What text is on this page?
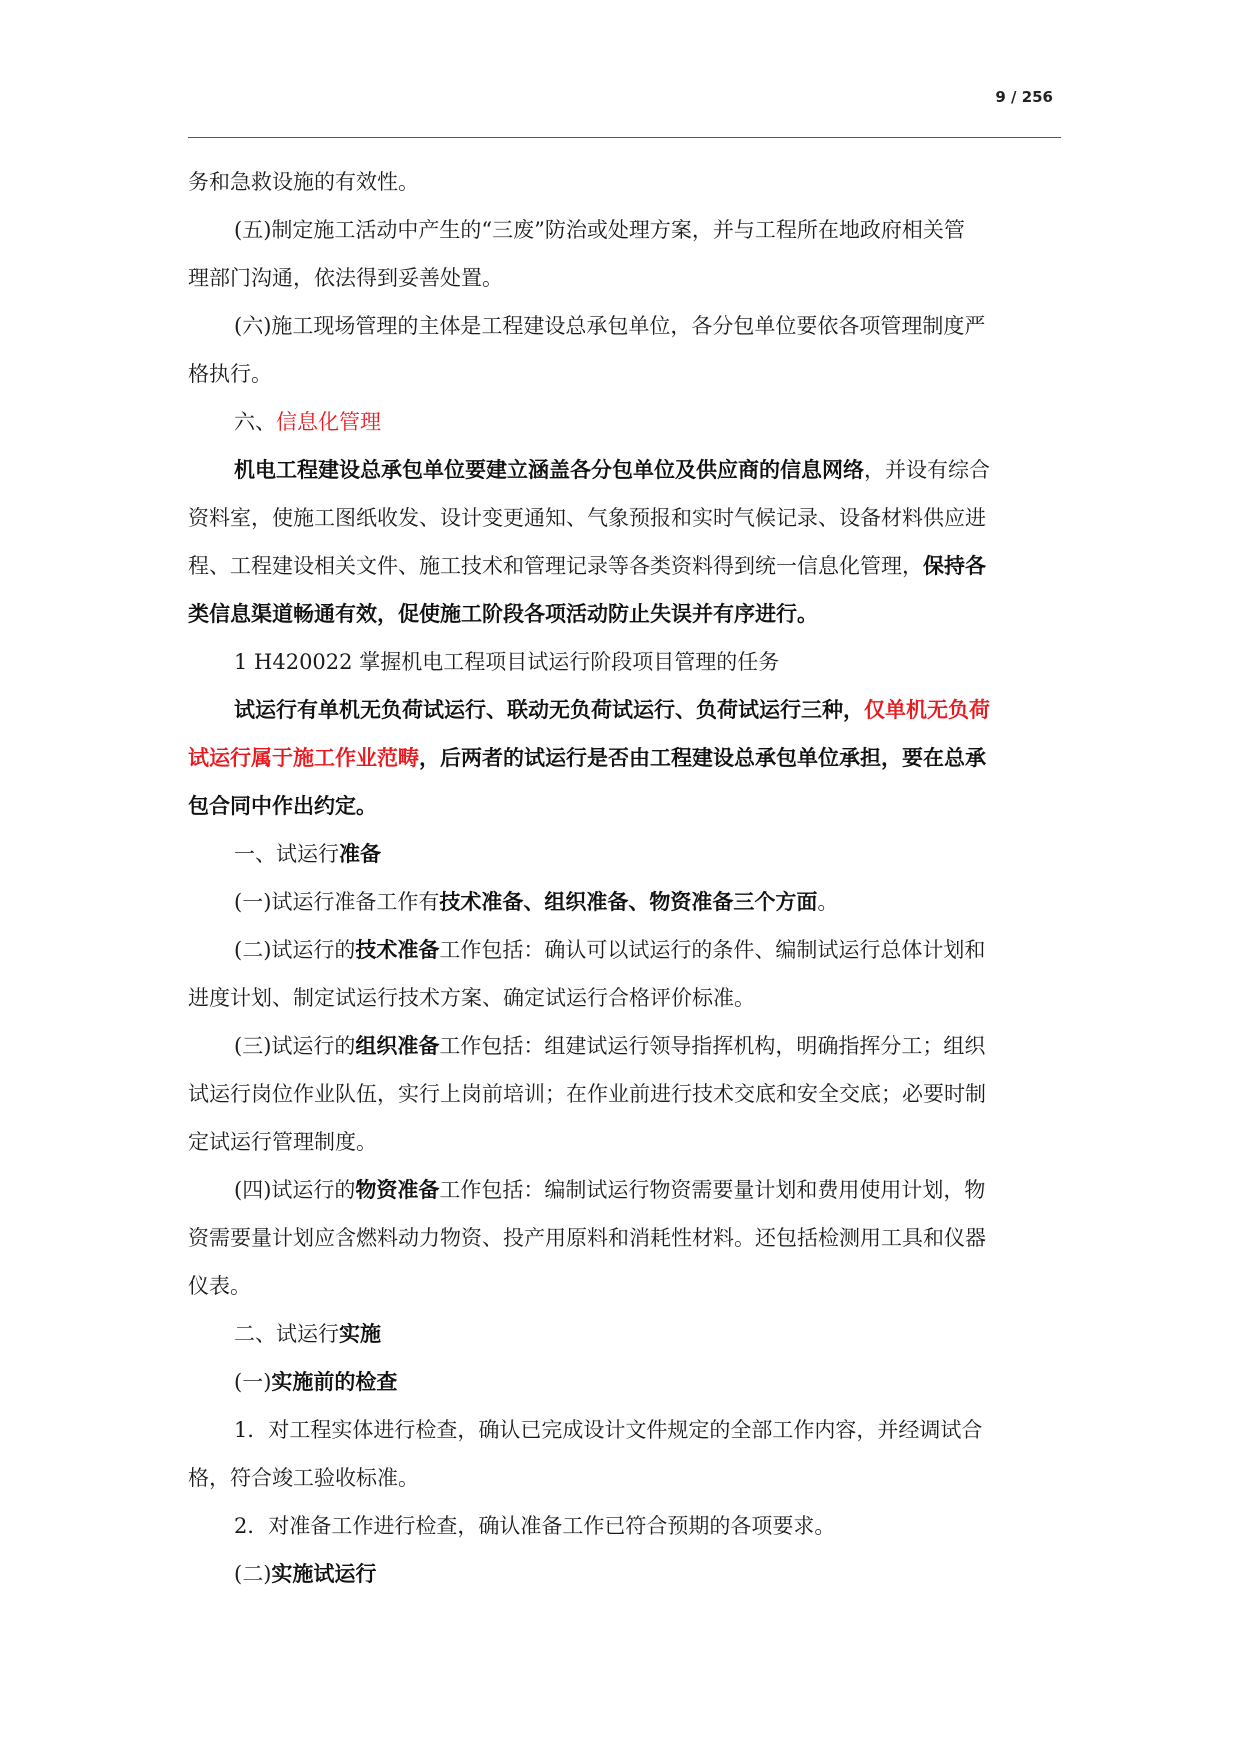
9 / 256
务和急救设施的有效性。
(五)制定施工活动中产生的“三废”防治或处理方案，并与工程所在地政府相关管
理部门沟通，依法得到妥善处置。
(六)施工现场管理的主体是工程建设总承包单位，各分包单位要依各项管理制度严
格执行。
六、信息化管理
机电工程建设总承包单位要建立涵盖各分包单位及供应商的信息网络，并设有综合
资料室，使施工图纸收发、设计变更通知、气象预报和实时气候记录、设备材料供应进
程、工程建设相关文件、施工技术和管理记录等各类资料得到统一信息化管理，保持各
类信息渠道畅通有效，促使施工阶段各项活动防止失误并有序进行。
1 H420022 掌握机电工程项目试运行阶段项目管理的任务
试运行有单机无负荷试运行、联动无负荷试运行、负荷试运行三种，仅单机无负荷
试运行属于施工作业范畴，后两者的试运行是否由工程建设总承包单位承担，要在总承
包合同中作出约定。
一、试运行准备
(一)试运行准备工作有技术准备、组织准备、物资准备三个方面。
(二)试运行的技术准备工作包括：确认可以试运行的条件、编制试运行总体计划和
进度计划、制定试运行技术方案、确定试运行合格评价标准。
(三)试运行的组织准备工作包括：组建试运行领导指挥机构，明确指挥分工；组织
试运行岗位作业队伍，实行上岗前培训；在作业前进行技术交底和安全交底；必要时制
定试运行管理制度。
(四)试运行的物资准备工作包括：编制试运行物资需要量计划和费用使用计划，物
资需要量计划应含燃料动力物资、投产用原料和消耗性材料。还包括检测用工具和仪器
仪表。
二、试运行实施
(一)实施前的检查
1．对工程实体进行检查，确认已完成设计文件规定的全部工作内容，并经调试合
格，符合竣工验收标准。
2．对准备工作进行检查，确认准备工作已符合预期的各项要求。
(二)实施试运行
